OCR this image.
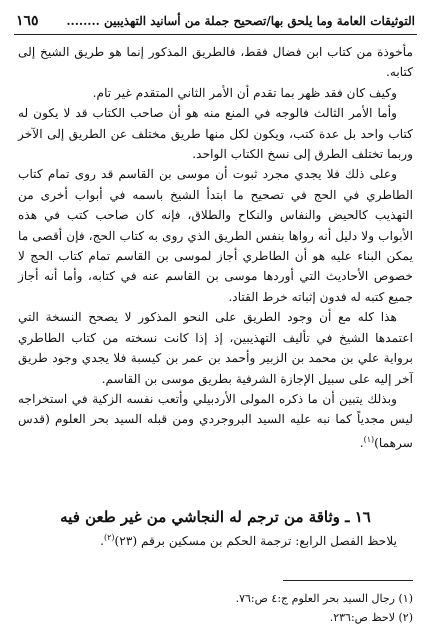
التوثيقات العامة وما يلحق بها/تصحيح جملة من أسانيد التهذيبين ........
١٦٥

مأخوذة من كتاب ابن فضال فقط، فالطريق المذكور إنما هو طريق الشيخ إلى كتابه.

وكيف كان فقد ظهر بما تقدم أن الأمر الثاني المتقدم غير تام.

وأما الأمر الثالث فالوجه في المنع منه هو أن صاحب الكتاب قد لا يكون له كتاب واحد بل عدة كتب، ويكون لكل منها طريق مختلف عن الطريق إلى الآخر وربما تختلف الطرق إلى نسخ الكتاب الواحد.

وعلى ذلك فلا يجدي مجرد ثبوت أن موسى بن القاسم قد روى تمام كتاب الطاطري في الحج في تصحيح ما ابتدأ الشيخ باسمه في أبواب أخرى من التهذيب كالحيض والنفاس والنكاح والطلاق، فإنه كان صاحب كتب في هذه الأبواب ولا دليل أنه رواها بنفس الطريق الذي روى به كتاب الحج، فإن أقصى ما يمكن البناء عليه هو أن الطاطري أجاز لموسى بن القاسم تمام كتاب الحج لا خصوص الأحاديث التي أوردها موسى بن القاسم عنه في كتابه، وأما أنه أجاز جميع كتبه له فدون إثباته خرط القتاد.

هذا كله مع أن وجود الطريق على النحو المذكور لا يصحح النسخة التي اعتمدها الشيخ في تأليف التهذيبين، إذ إذا كانت نسخته من كتاب الطاطري برواية علي بن محمد بن الزبير وأحمد بن عمر بن كيسبة فلا يجدي وجود طريق آخر إليه على سبيل الإجازة الشرفية بطريق موسى بن القاسم.

وبذلك يتبين أن ما ذكره المولى الأردبيلي وأتعب نفسه الزكية في استخراجه ليس مجدياً كما نبه عليه السيد البروجردي ومن قبله السيد بحر العلوم (قدس سرهما)$^{(١)}$.

١٦ ـ وثاقة من ترجم له النجاشي من غير طعن فيه
يلاحظ الفصل الرابع: ترجمة الحكم بن مسكين برقم (٢٣)$^{(٢)}$.
(١) رجال السيد بحر العلوم ج:٤ ص:٧٦.
(٢) لاحظ ص:٢٣٦.
